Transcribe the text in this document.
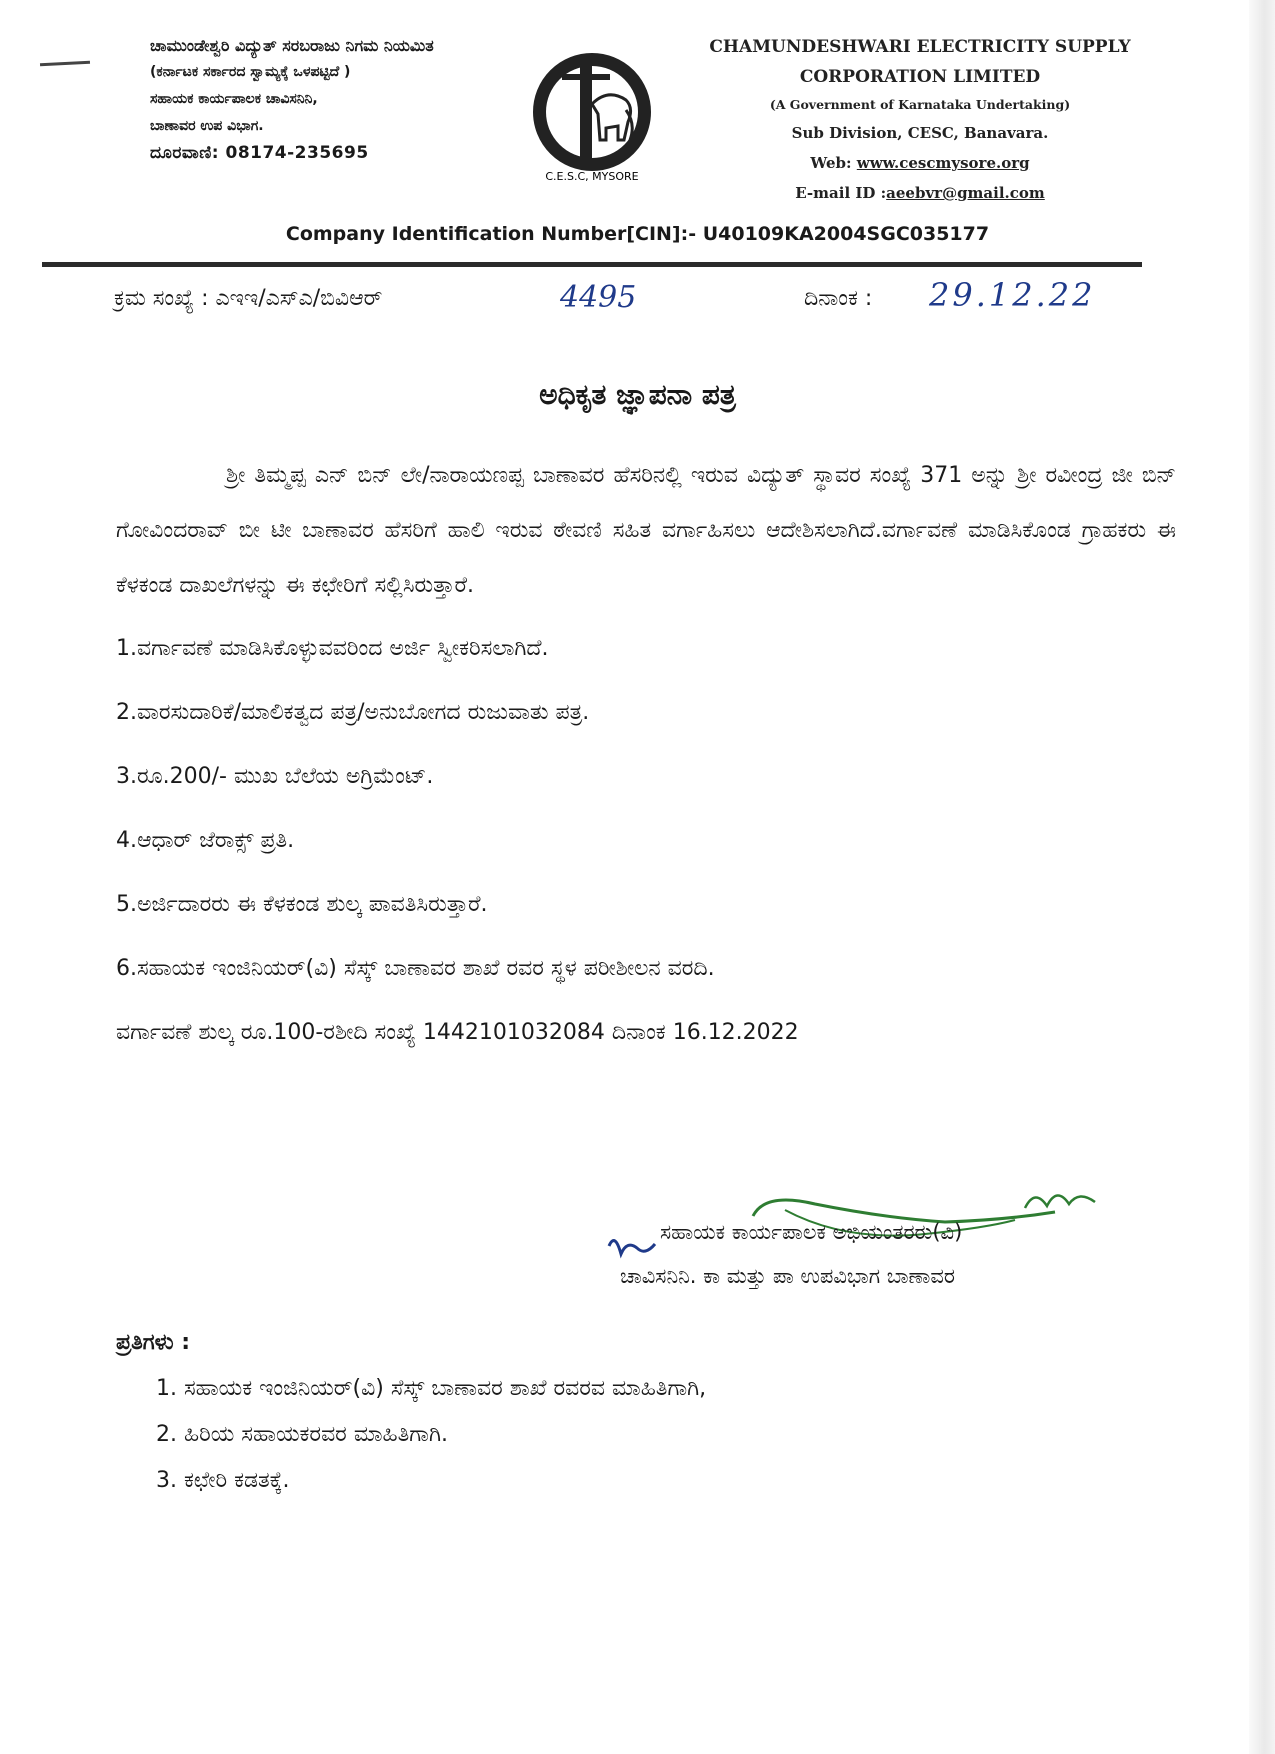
ಚಾಮುಂಡೇಶ್ವರಿ ವಿದ್ಯುತ್ ಸರಬರಾಜು ನಿಗಮ ನಿಯಮಿತ
(ಕರ್ನಾಟಕ ಸರ್ಕಾರದ ಸ್ವಾಮ್ಯಕ್ಕೆ ಒಳಪಟ್ಟಿದೆ )
ಸಹಾಯಕ ಕಾರ್ಯಪಾಲಕ ಚಾವಿಸನಿನಿ,
ಬಾಣಾವರ ಉಪ ವಿಭಾಗ.
ದೂರವಾಣಿ: 08174-235695
C.E.S.C, MYSORE
CHAMUNDESHWARI ELECTRICITY SUPPLY
CORPORATION LIMITED
(A Government of Karnataka Undertaking)
Sub Division, CESC, Banavara.
Web: www.cescmysore.org
E-mail ID :aeebvr@gmail.com
Company Identification Number[CIN]:- U40109KA2004SGC035177
ಕ್ರಮ ಸಂಖ್ಯೆ : ಎಇಇ/ಎಸ್‌ಎ/ಬಿವಿಆರ್	4495	ದಿನಾಂಕ : 29.12.22
ಅಧಿಕೃತ ಜ್ಞಾಪನಾ ಪತ್ರ

ಶ್ರೀ ತಿಮ್ಮಪ್ಪ ಎನ್ ಬಿನ್ ಲೇ/ನಾರಾಯಣಪ್ಪ ಬಾಣಾವರ ಹೆಸರಿನಲ್ಲಿ ಇರುವ ವಿದ್ಯುತ್ ಸ್ಥಾವರ ಸಂಖ್ಯೆ 371 ಅನ್ನು ಶ್ರೀ ರವೀಂದ್ರ ಜೀ ಬಿನ್ ಗೋವಿಂದರಾವ್ ಬೀ ಟೀ ಬಾಣಾವರ ಹೆಸರಿಗೆ ಹಾಲಿ ಇರುವ ಠೇವಣಿ ಸಹಿತ ವರ್ಗಾಹಿಸಲು ಆದೇಶಿಸಲಾಗಿದೆ.ವರ್ಗಾವಣೆ ಮಾಡಿಸಿಕೊಂಡ ಗ್ರಾಹಕರು ಈ ಕೆಳಕಂಡ ದಾಖಲೆಗಳನ್ನು ಈ ಕಛೇರಿಗೆ ಸಲ್ಲಿಸಿರುತ್ತಾರೆ.

1.ವರ್ಗಾವಣೆ ಮಾಡಿಸಿಕೊಳ್ಳುವವರಿಂದ ಅರ್ಜಿ ಸ್ವೀಕರಿಸಲಾಗಿದೆ.
2.ವಾರಸುದಾರಿಕೆ/ಮಾಲಿಕತ್ವದ ಪತ್ರ/ಅನುಬೋಗದ ರುಜುವಾತು ಪತ್ರ.
3.ರೂ.200/- ಮುಖ ಬೆಲೆಯ ಅಗ್ರಿಮೆಂಟ್.
4.ಆಧಾರ್ ಜೆರಾಕ್ಸ್ ಪ್ರತಿ.
5.ಅರ್ಜಿದಾರರು ಈ ಕೆಳಕಂಡ ಶುಲ್ಕ ಪಾವತಿಸಿರುತ್ತಾರೆ.
6.ಸಹಾಯಕ ಇಂಜಿನಿಯರ್(ವಿ) ಸೆಸ್ಕ್ ಬಾಣಾವರ ಶಾಖೆ ರವರ ಸ್ಥಳ ಪರೀಶೀಲನ ವರದಿ.
ವರ್ಗಾವಣೆ ಶುಲ್ಕ ರೂ.100-ರಶೀದಿ ಸಂಖ್ಯೆ 1442101032084 ದಿನಾಂಕ 16.12.2022
ಸಹಾಯಕ ಕಾರ್ಯಪಾಲಕ ಅಭಿಯಂತರರು(ವಿ)
ಚಾವಿಸನಿನಿ. ಕಾ ಮತ್ತು ಪಾ ಉಪವಿಭಾಗ ಬಾಣಾವರ
ಪ್ರತಿಗಳು :
1. ಸಹಾಯಕ ಇಂಜಿನಿಯರ್(ವಿ) ಸೆಸ್ಕ್ ಬಾಣಾವರ ಶಾಖೆ ರವರವ ಮಾಹಿತಿಗಾಗಿ,
2. ಹಿರಿಯ ಸಹಾಯಕರವರ ಮಾಹಿತಿಗಾಗಿ.
3. ಕಛೇರಿ ಕಡತಕ್ಕೆ.
